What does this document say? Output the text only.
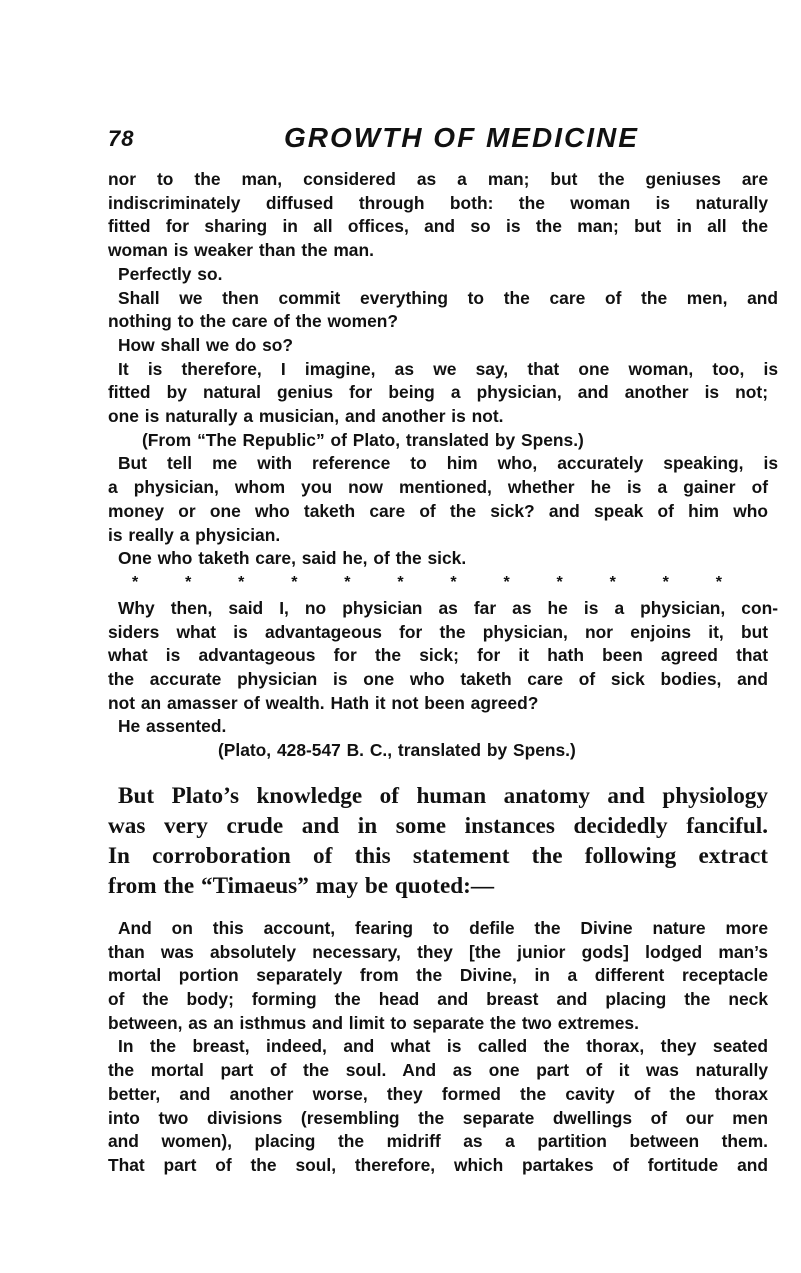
78	GROWTH OF MEDICINE

nor to the man, considered as a man; but the geniuses are
indiscriminately diffused through both: the woman is naturally
fitted for sharing in all offices, and so is the man; but in all the
woman is weaker than the man.

Perfectly so.

Shall we then commit everything to the care of the men, and
nothing to the care of the women?

How shall we do so?

It is therefore, I imagine, as we say, that one woman, too, is
fitted by natural genius for being a physician, and another is not;
one is naturally a musician, and another is not.

(From “The Republic” of Plato, translated by Spens.)

But tell me with reference to him who, accurately speaking, is
a physician, whom you now mentioned, whether he is a gainer of
money or one who taketh care of the sick? and speak of him who
is really a physician.

One who taketh care, said he, of the sick.

*	*	*	*	*	*	*	*	*	*	*	*

Why then, said I, no physician as far as he is a physician, con-
siders what is advantageous for the physician, nor enjoins it, but
what is advantageous for the sick; for it hath been agreed that
the accurate physician is one who taketh care of sick bodies, and
not an amasser of wealth. Hath it not been agreed?

He assented.

(Plato, 428-547 B. C., translated by Spens.)

But Plato’s knowledge of human anatomy and physiology
was very crude and in some instances decidedly fanciful.
In corroboration of this statement the following extract
from the “Timaeus” may be quoted:—

And on this account, fearing to defile the Divine nature more
than was absolutely necessary, they [the junior gods] lodged man’s
mortal portion separately from the Divine, in a different receptacle
of the body; forming the head and breast and placing the neck
between, as an isthmus and limit to separate the two extremes.

In the breast, indeed, and what is called the thorax, they seated
the mortal part of the soul. And as one part of it was naturally
better, and another worse, they formed the cavity of the thorax
into two divisions (resembling the separate dwellings of our men
and women), placing the midriff as a partition between them.
That part of the soul, therefore, which partakes of fortitude and
